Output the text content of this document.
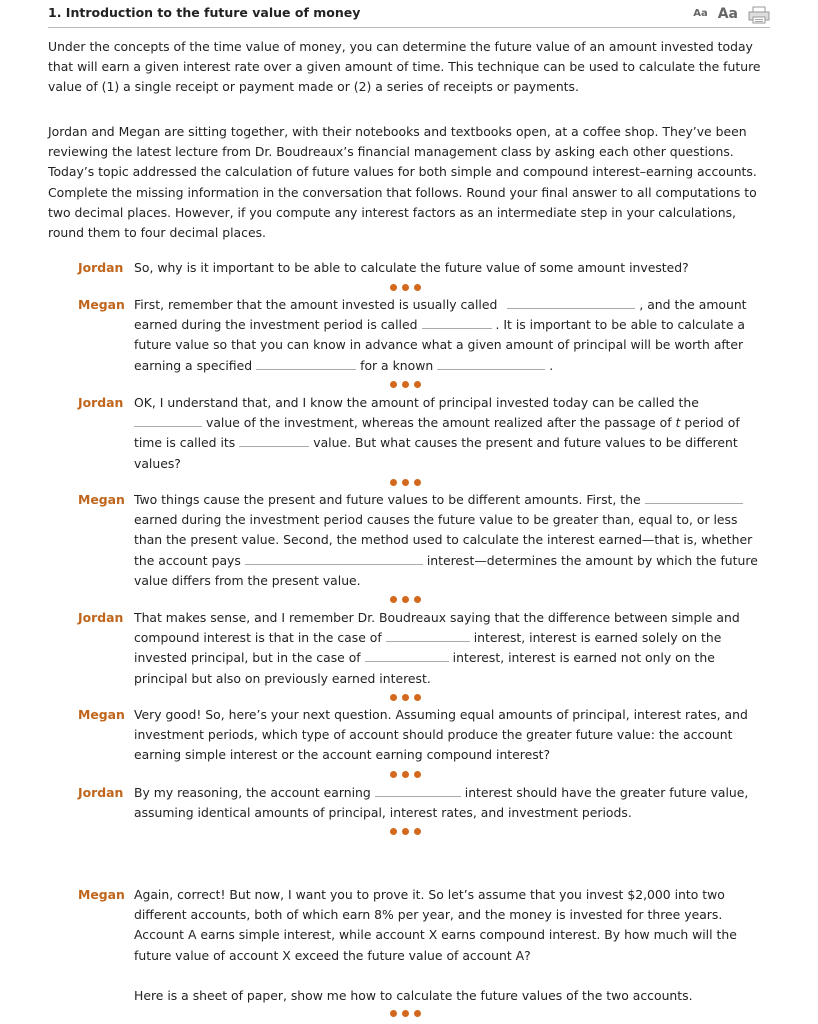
1. Introduction to the future value of money	Aa Aa

Under the concepts of the time value of money, you can determine the future value of an amount invested today that will earn a given interest rate over a given amount of time. This technique can be used to calculate the future value of (1) a single receipt or payment made or (2) a series of receipts or payments.

Jordan and Megan are sitting together, with their notebooks and textbooks open, at a coffee shop. They’ve been reviewing the latest lecture from Dr. Boudreaux’s financial management class by asking each other questions. Today’s topic addressed the calculation of future values for both simple and compound interest–earning accounts. Complete the missing information in the conversation that follows. Round your final answer to all computations to two decimal places. However, if you compute any interest factors as an intermediate step in your calculations, round them to four decimal places.

Jordan So, why is it important to be able to calculate the future value of some amount invested?
Megan First, remember that the amount invested is usually called	, and the amount earned during the investment period is called	. It is important to be able to calculate a future value so that you can know in advance what a given amount of principal will be worth after earning a specified	for a known	.
Jordan OK, I understand that, and I know the amount of principal invested today can be called the value of the investment, whereas the amount realized after the passage of t period of time is called its	value. But what causes the present and future values to be different values?
Megan Two things cause the present and future values to be different amounts. First, the earned during the investment period causes the future value to be greater than, equal to, or less than the present value. Second, the method used to calculate the interest earned—that is, whether the account pays	interest—determines the amount by which the future value differs from the present value.
Jordan That makes sense, and I remember Dr. Boudreaux saying that the difference between simple and compound interest is that in the case of	interest, interest is earned solely on the invested principal, but in the case of	interest, interest is earned not only on the principal but also on previously earned interest.
Megan Very good! So, here’s your next question. Assuming equal amounts of principal, interest rates, and investment periods, which type of account should produce the greater future value: the account earning simple interest or the account earning compound interest?
Jordan By my reasoning, the account earning	interest should have the greater future value, assuming identical amounts of principal, interest rates, and investment periods.
Megan Again, correct! But now, I want you to prove it. So let’s assume that you invest $2,000 into two different accounts, both of which earn 8% per year, and the money is invested for three years. Account A earns simple interest, while account X earns compound interest. By how much will the future value of account X exceed the future value of account A?
Here is a sheet of paper, show me how to calculate the future values of the two accounts.
